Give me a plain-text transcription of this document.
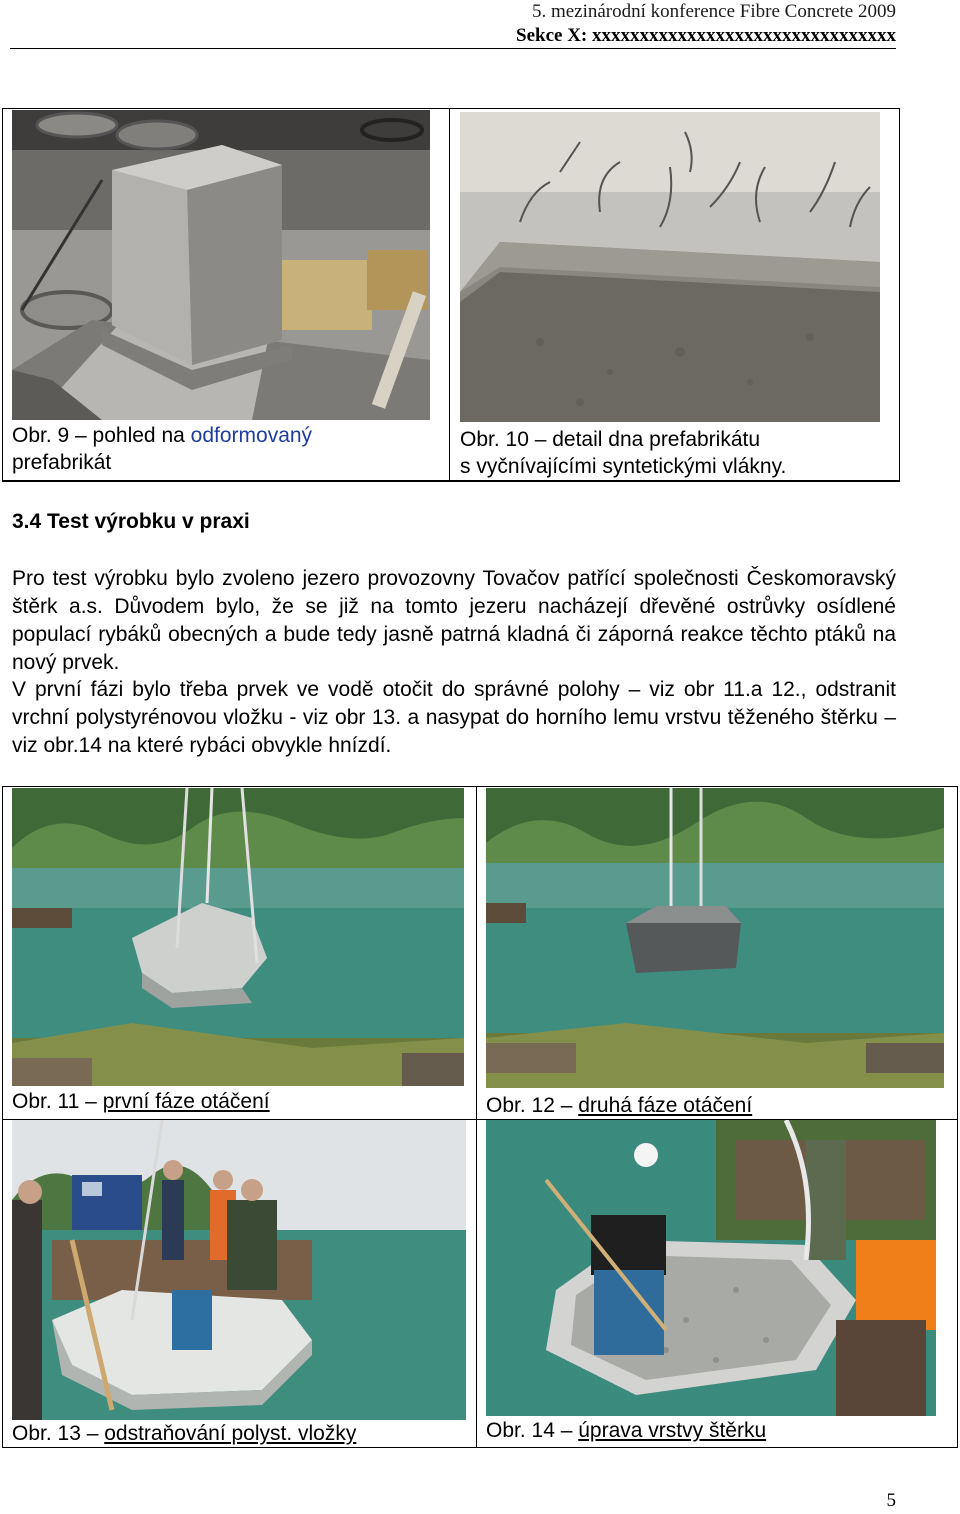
5. mezinárodní konference Fibre Concrete 2009
Sekce X: xxxxxxxxxxxxxxxxxxxxxxxxxxxxxxxx
Obr. 9 – pohled na odformovaný
prefabrikát
Obr. 10 – detail dna prefabrikátu
s vyčnívajícími syntetickými vlákny.
3.4 Test výrobku v praxi
Pro test výrobku bylo zvoleno jezero provozovny Tovačov patřící společnosti Českomoravský štěrk a.s. Důvodem bylo, že se již na tomto jezeru nacházejí dřevěné ostrůvky osídlené populací rybáků obecných a bude tedy jasně patrná kladná či záporná reakce těchto ptáků na nový prvek.
V první fázi bylo třeba prvek ve vodě otočit do správné polohy – viz obr 11.a 12., odstranit vrchní polystyrénovou vložku - viz obr 13. a nasypat do horního lemu vrstvu těženého štěrku – viz obr.14 na které rybáci obvykle hnízdí.
Obr. 11 – první fáze otáčení	Obr. 12 – druhá fáze otáčení
Obr. 13 – odstraňování polyst. vložky	Obr. 14 – úprava vrstvy štěrku
5
